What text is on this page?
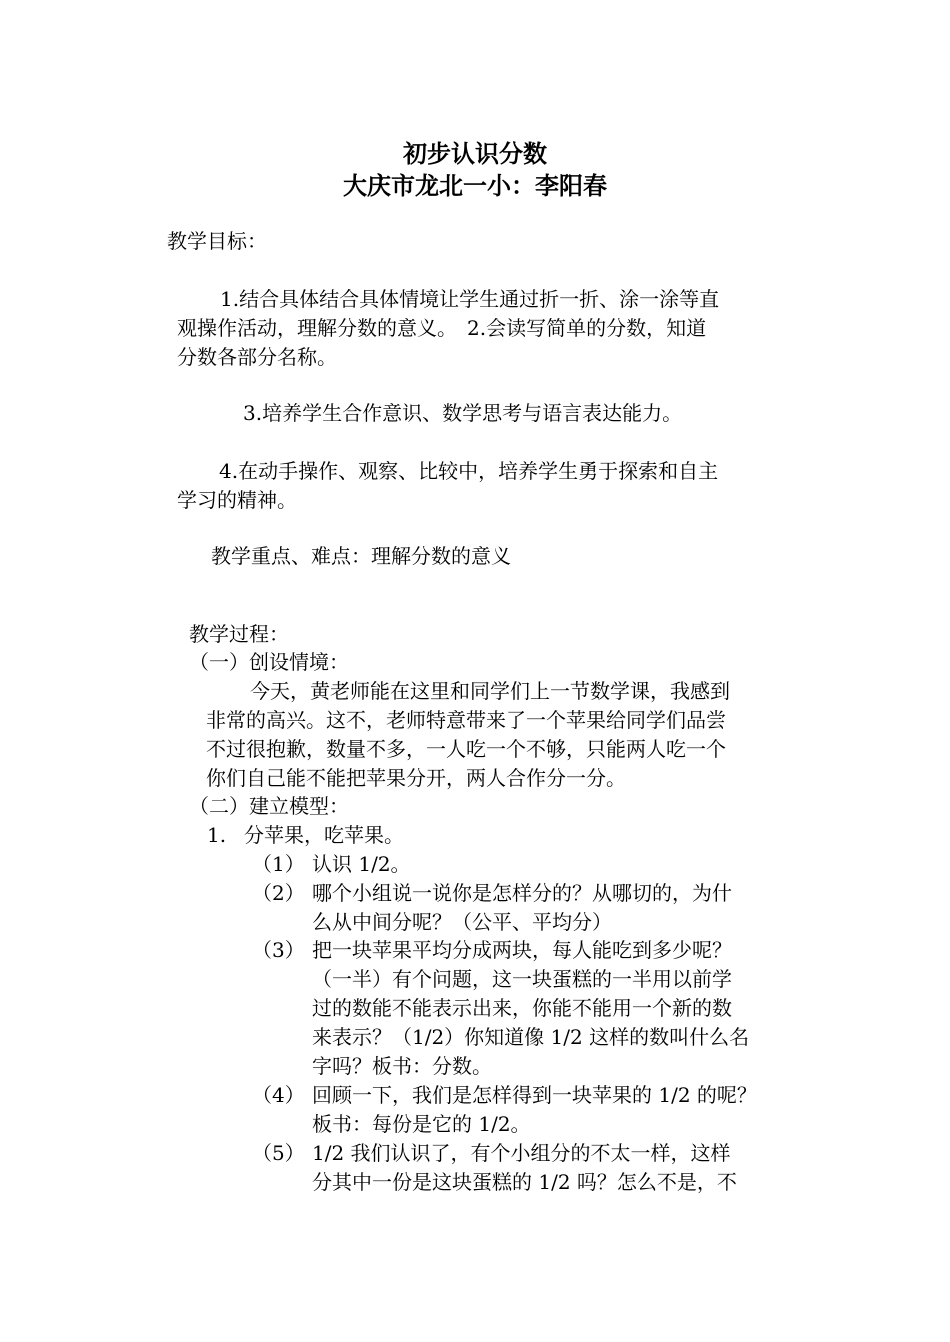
初步认识分数
大庆市龙北一小：李阳春
教学目标：
1.结合具体结合具体情境让学生通过折一折、涂一涂等直
观操作活动，理解分数的意义。　2.会读写简单的分数，知道
分数各部分名称。
3.培养学生合作意识、数学思考与语言表达能力。
4.在动手操作、观察、比较中，培养学生勇于探索和自主
学习的精神。
教学重点、难点：理解分数的意义
教学过程：
（一）创设情境：
今天，黄老师能在这里和同学们上一节数学课，我感到
非常的高兴。这不，老师特意带来了一个苹果给同学们品尝
不过很抱歉，数量不多，一人吃一个不够，只能两人吃一个
你们自己能不能把苹果分开，两人合作分一分。
（二）建立模型：
1. 分苹果，吃苹果。
（1） 认识 1/2。
（2） 哪个小组说一说你是怎样分的？从哪切的，为什
么从中间分呢？（公平、平均分）
（3） 把一块苹果平均分成两块，每人能吃到多少呢？
（一半）有个问题，这一块蛋糕的一半用以前学
过的数能不能表示出来，你能不能用一个新的数
来表示？（1/2）你知道像 1/2 这样的数叫什么名
字吗？板书：分数。
（4） 回顾一下，我们是怎样得到一块苹果的 1/2 的呢？
板书：每份是它的 1/2。
（5） 1/2 我们认识了，有个小组分的不太一样，这样
分其中一份是这块蛋糕的 1/2 吗？怎么不是，不
